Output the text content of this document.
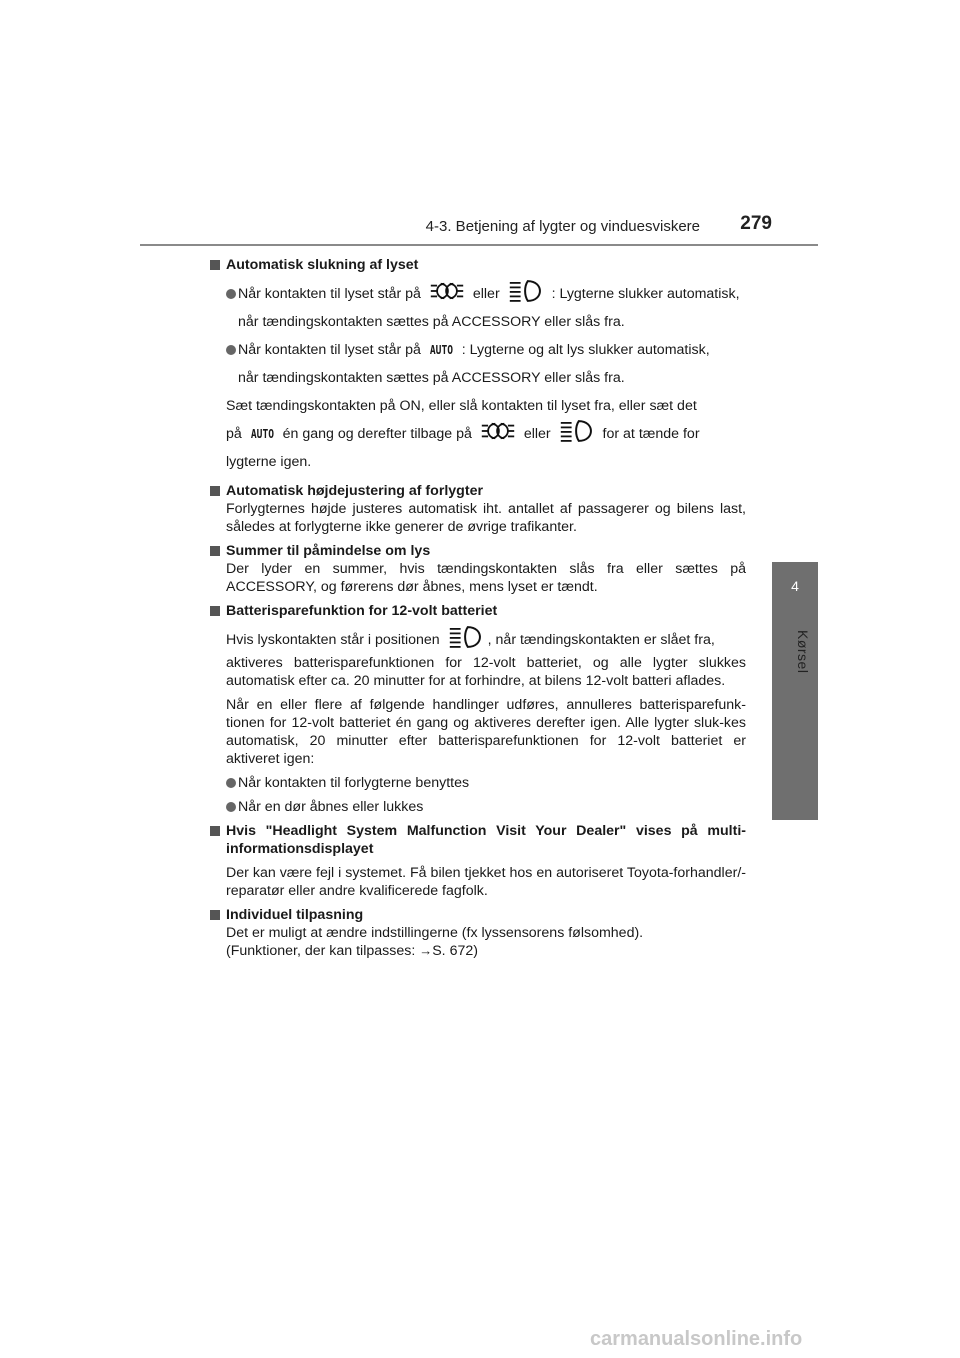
4-3. Betjening af lygter og vinduesviskere 279
4
Kørsel
Automatisk slukning af lyset
Når kontakten til lyset står på	eller	: Lygterne slukker automatisk,
når tændingskontakten sættes på ACCESSORY eller slås fra.
Når kontakten til lyset står på AUTO : Lygterne og alt lys slukker automatisk,
når tændingskontakten sættes på ACCESSORY eller slås fra.
Sæt tændingskontakten på ON, eller slå kontakten til lyset fra, eller sæt det
på AUTO én gang og derefter tilbage på	eller	for at tænde for
lygterne igen.
Automatisk højdejustering af forlygter
Forlygternes højde justeres automatisk iht. antallet af passagerer og bilens last, således at forlygterne ikke generer de øvrige trafikanter.
Summer til påmindelse om lys
Der lyder en summer, hvis tændingskontakten slås fra eller sættes på ACCESSORY, og førerens dør åbnes, mens lyset er tændt.
Batterisparefunktion for 12-volt batteriet
Hvis lyskontakten står i positionen	, når tændingskontakten er slået fra,
aktiveres batterisparefunktionen for 12-volt batteriet, og alle lygter slukkes automatisk efter ca. 20 minutter for at forhindre, at bilens 12-volt batteri aflades.
Når en eller flere af følgende handlinger udføres, annulleres batterisparefunk-tionen for 12-volt batteriet én gang og aktiveres derefter igen. Alle lygter sluk-kes automatisk, 20 minutter efter batterisparefunktionen for 12-volt batteriet er aktiveret igen:
Når kontakten til forlygterne benyttes
Når en dør åbnes eller lukkes
Hvis "Headlight System Malfunction Visit Your Dealer" vises på multi-informationsdisplayet
Der kan være fejl i systemet. Få bilen tjekket hos en autoriseret Toyota-forhandler/-reparatør eller andre kvalificerede fagfolk.
Individuel tilpasning
Det er muligt at ændre indstillingerne (fx lyssensorens følsomhed).
(Funktioner, der kan tilpasses: →S. 672)
carmanualsonline.info
